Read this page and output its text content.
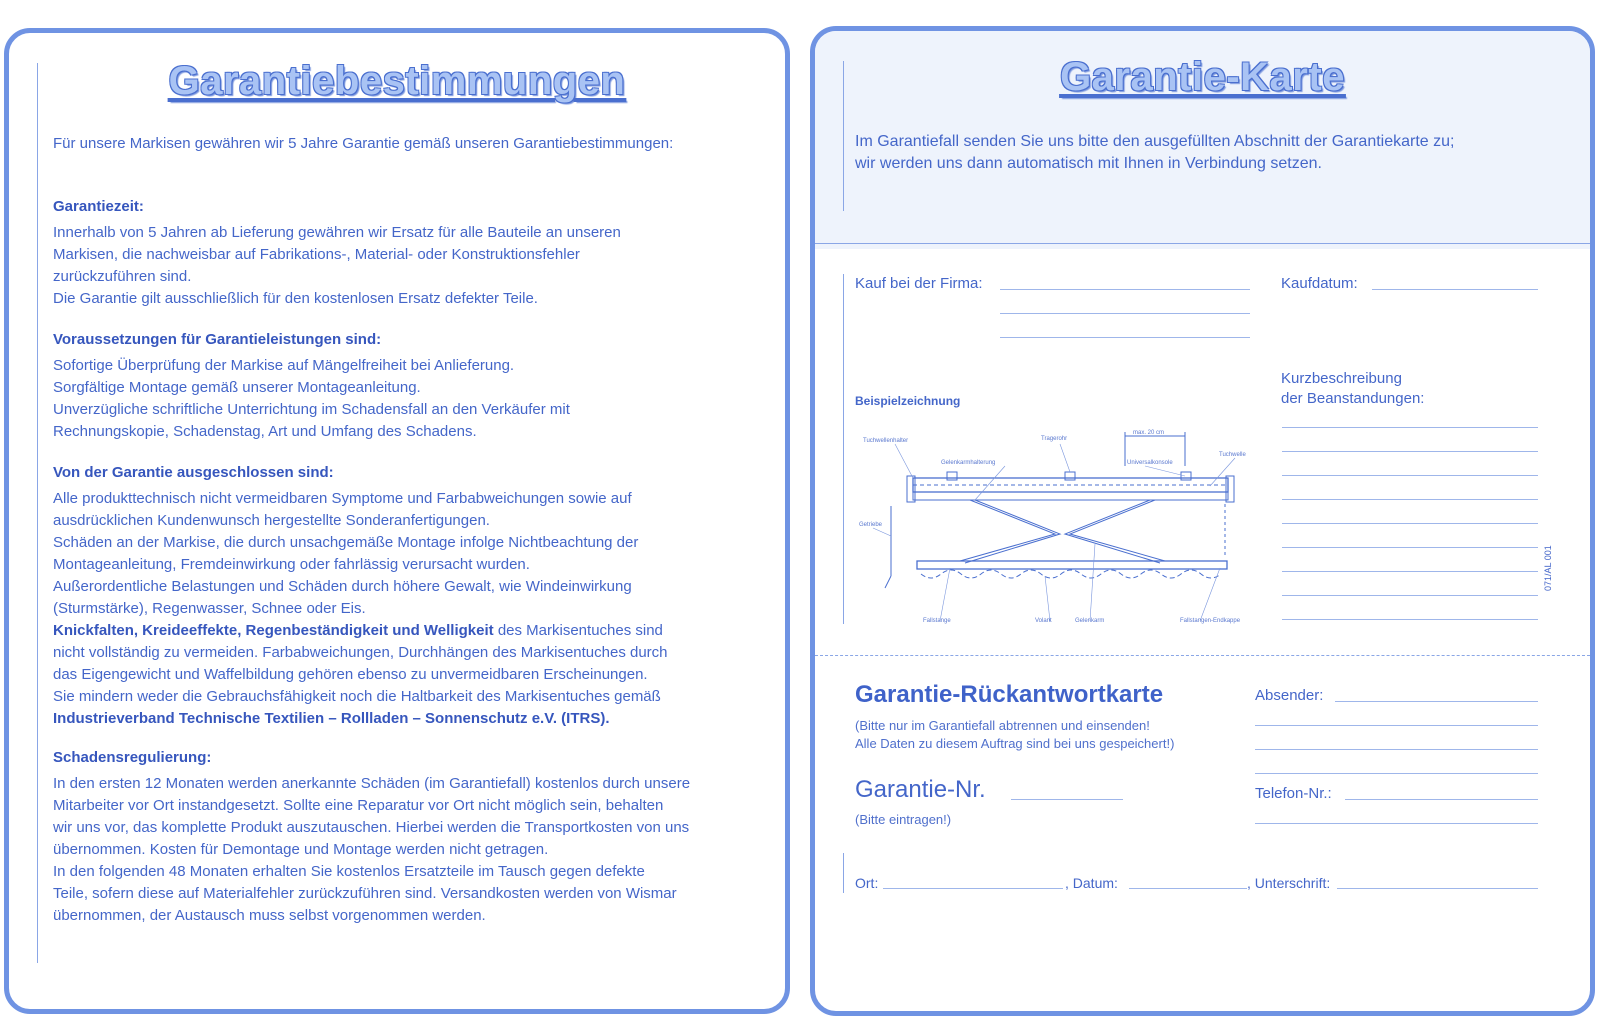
Garantiebestimmungen
Für unsere Markisen gewähren wir 5 Jahre Garantie gemäß unseren Garantiebestimmungen:
Garantiezeit:

Innerhalb von 5 Jahren ab Lieferung gewähren wir Ersatz für alle Bauteile an unseren

Markisen, die nachweisbar auf Fabrikations-, Material- oder Konstruktionsfehler

zurückzuführen sind.

Die Garantie gilt ausschließlich für den kostenlosen Ersatz defekter Teile.

Voraussetzungen für Garantieleistungen sind:

Sofortige Überprüfung der Markise auf Mängelfreiheit bei Anlieferung.

Sorgfältige Montage gemäß unserer Montageanleitung.

Unverzügliche schriftliche Unterrichtung im Schadensfall an den Verkäufer mit

Rechnungskopie, Schadenstag, Art und Umfang des Schadens.

Von der Garantie ausgeschlossen sind:

Alle produkttechnisch nicht vermeidbaren Symptome und Farbabweichungen sowie auf

ausdrücklichen Kundenwunsch hergestellte Sonderanfertigungen.

Schäden an der Markise, die durch unsachgemäße Montage infolge Nichtbeachtung der

Montageanleitung, Fremdeinwirkung oder fahrlässig verursacht wurden.

Außerordentliche Belastungen und Schäden durch höhere Gewalt, wie Windeinwirkung

(Sturmstärke), Regenwasser, Schnee oder Eis.

Knickfalten, Kreideeffekte, Regenbeständigkeit und Welligkeit des Markisentuches sind

nicht vollständig zu vermeiden. Farbabweichungen, Durchhängen des Markisentuches durch

das Eigengewicht und Waffelbildung gehören ebenso zu unvermeidbaren Erscheinungen.

Sie mindern weder die Gebrauchsfähigkeit noch die Haltbarkeit des Markisentuches gemäß

Industrieverband Technische Textilien – Rollladen – Sonnenschutz e.V. (ITRS).

Schadensregulierung:

In den ersten 12 Monaten werden anerkannte Schäden (im Garantiefall) kostenlos durch unsere

Mitarbeiter vor Ort instandgesetzt. Sollte eine Reparatur vor Ort nicht möglich sein, behalten

wir uns vor, das komplette Produkt auszutauschen. Hierbei werden die Transportkosten von uns

übernommen. Kosten für Demontage und Montage werden nicht getragen.

In den folgenden 48 Monaten erhalten Sie kostenlos Ersatzteile im Tausch gegen defekte

Teile, sofern diese auf Materialfehler zurückzuführen sind. Versandkosten werden von Wismar

übernommen, der Austausch muss selbst vorgenommen werden.

Garantie-Karte

Im Garantiefall senden Sie uns bitte den ausgefüllten Abschnitt der Garantiekarte zu;

wir werden uns dann automatisch mit Ihnen in Verbindung setzen.

Kauf bei der Firma:	Kaufdatum:
Kurzbeschreibung
der Beanstandungen:
071/AL 001
Beispielzeichnung
Tuchwellenhalter
Gelenkarmhalterung
Tragerohr
max. 20 cm
Universalkonsole
Tuchwelle
Getriebe
Fallstange	Volant	Gelenkarm	Fallstangen-Endkappe
Garantie-Rückantwortkarte
(Bitte nur im Garantiefall abtrennen und einsenden!
Alle Daten zu diesem Auftrag sind bei uns gespeichert!)
Absender:
Garantie-Nr.
(Bitte eintragen!)
Telefon-Nr.:
Ort:	, Datum:	, Unterschrift:
